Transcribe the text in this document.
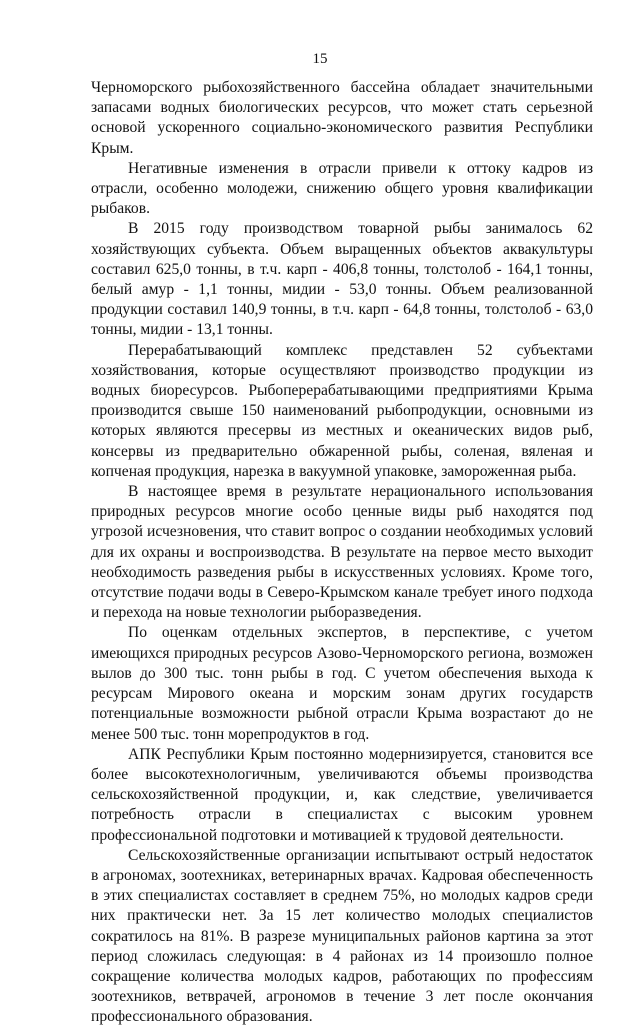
15

Черноморского рыбохозяйственного бассейна обладает значительными запасами водных биологических ресурсов, что может стать серьезной основой ускоренного социально-экономического развития Республики Крым.

Негативные изменения в отрасли привели к оттоку кадров из отрасли, особенно молодежи, снижению общего уровня квалификации рыбаков.

В 2015 году производством товарной рыбы занималось 62 хозяйствующих субъекта. Объем выращенных объектов аквакультуры составил 625,0 тонны, в т.ч. карп - 406,8 тонны, толстолоб - 164,1 тонны, белый амур - 1,1 тонны, мидии - 53,0 тонны. Объем реализованной продукции составил 140,9 тонны, в т.ч. карп - 64,8 тонны, толстолоб - 63,0 тонны, мидии - 13,1 тонны.

Перерабатывающий комплекс представлен 52 субъектами хозяйствования, которые осуществляют производство продукции из водных биоресурсов. Рыбоперерабатывающими предприятиями Крыма производится свыше 150 наименований рыбопродукции, основными из которых являются пресервы из местных и океанических видов рыб, консервы из предварительно обжаренной рыбы, соленая, вяленая и копченая продукция, нарезка в вакуумной упаковке, замороженная рыба.

В настоящее время в результате нерационального использования природных ресурсов многие особо ценные виды рыб находятся под угрозой исчезновения, что ставит вопрос о создании необходимых условий для их охраны и воспроизводства. В результате на первое место выходит необходимость разведения рыбы в искусственных условиях. Кроме того, отсутствие подачи воды в Северо-Крымском канале требует иного подхода и перехода на новые технологии рыборазведения.

По оценкам отдельных экспертов, в перспективе, с учетом имеющихся природных ресурсов Азово-Черноморского региона, возможен вылов до 300 тыс. тонн рыбы в год. С учетом обеспечения выхода к ресурсам Мирового океана и морским зонам других государств потенциальные возможности рыбной отрасли Крыма возрастают до не менее 500 тыс. тонн морепродуктов в год.

АПК Республики Крым постоянно модернизируется, становится все более высокотехнологичным, увеличиваются объемы производства сельскохозяйственной продукции, и, как следствие, увеличивается потребность отрасли в специалистах с высоким уровнем профессиональной подготовки и мотивацией к трудовой деятельности.

Сельскохозяйственные организации испытывают острый недостаток в агрономах, зоотехниках, ветеринарных врачах. Кадровая обеспеченность в этих специалистах составляет в среднем 75%, но молодых кадров среди них практически нет. За 15 лет количество молодых специалистов сократилось на 81%. В разрезе муниципальных районов картина за этот период сложилась следующая: в 4 районах из 14 произошло полное сокращение количества молодых кадров, работающих по профессиям зоотехников, ветврачей, агрономов в течение 3 лет после окончания профессионального образования.
